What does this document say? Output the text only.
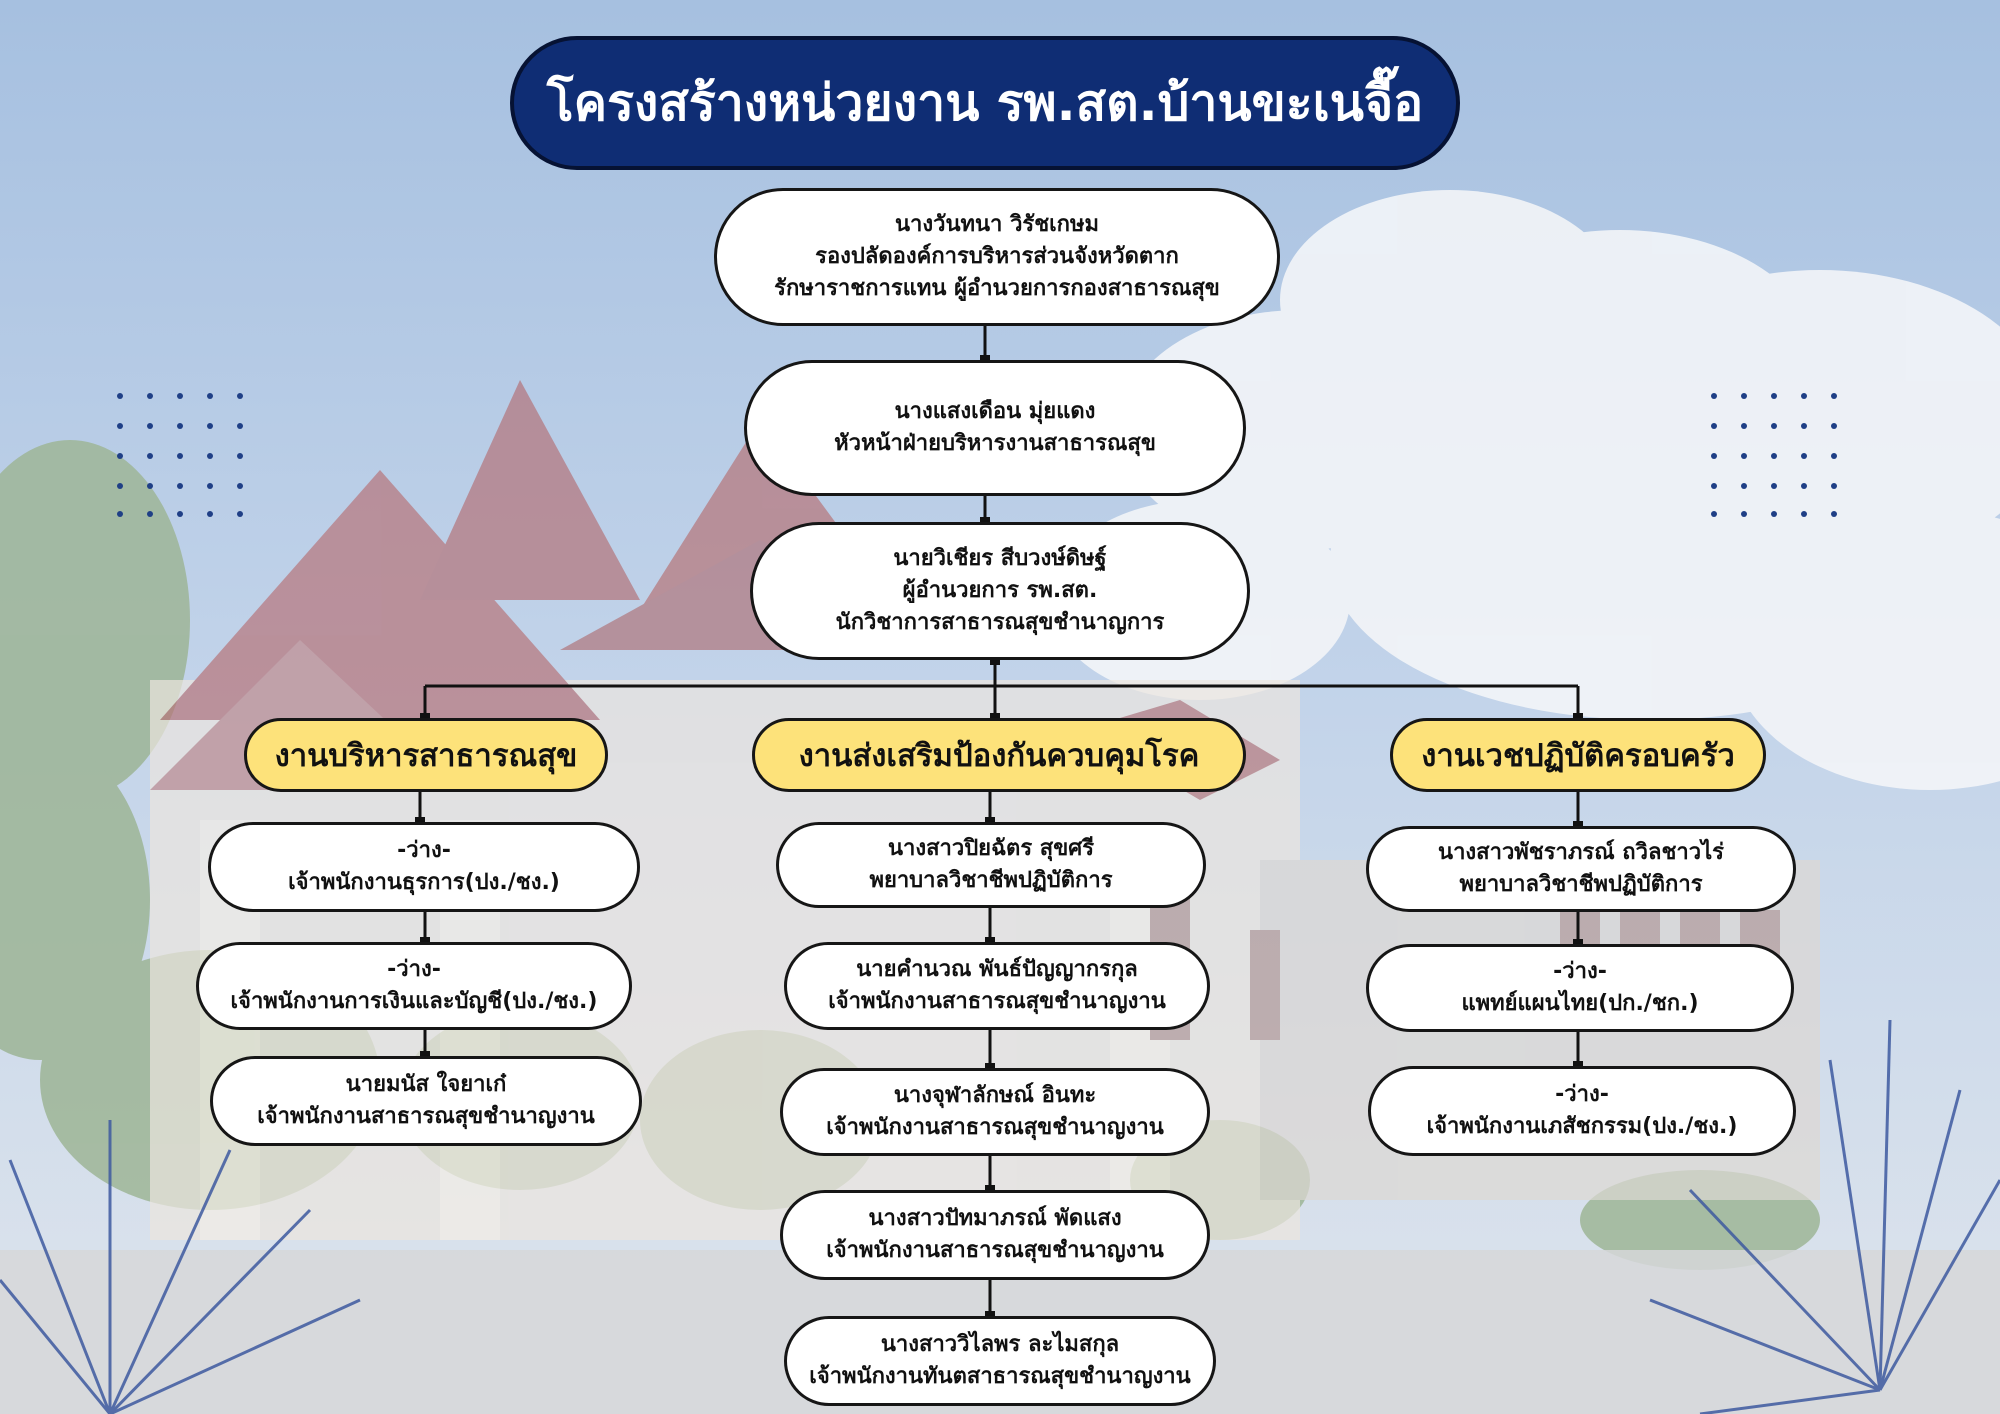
โครงสร้างหน่วยงาน รพ.สต.บ้านขะเนจื๊อ
นางวันทนา วิรัชเกษม
รองปลัดองค์การบริหารส่วนจังหวัดตาก
รักษาราชการแทน ผู้อำนวยการกองสาธารณสุข
นางแสงเดือน มุ่ยแดง
หัวหน้าฝ่ายบริหารงานสาธารณสุข
นายวิเชียร สีบวงษ์ดิษฐ์
ผู้อำนวยการ รพ.สต.
นักวิชาการสาธารณสุขชำนาญการ
งานบริหารสาธารณสุข	งานส่งเสริมป้องกันควบคุมโรค	งานเวชปฏิบัติครอบครัว
-ว่าง-
เจ้าพนักงานธุรการ(ปง./ชง.)
-ว่าง-
เจ้าพนักงานการเงินและบัญชี(ปง./ชง.)
นายมนัส ใจยาเก๋
เจ้าพนักงานสาธารณสุขชำนาญงาน
นางสาวปิยฉัตร สุขศรี
พยาบาลวิชาชีพปฏิบัติการ
นายคำนวณ พันธ์ปัญญากรกุล
เจ้าพนักงานสาธารณสุขชำนาญงาน
นางจุฬาลักษณ์ อินทะ
เจ้าพนักงานสาธารณสุขชำนาญงาน
นางสาวปัทมาภรณ์ พัดแสง
เจ้าพนักงานสาธารณสุขชำนาญงาน
นางสาววิไลพร ละไมสกุล
เจ้าพนักงานทันตสาธารณสุขชำนาญงาน
นางสาวพัชราภรณ์ ถวิลชาวไร่
พยาบาลวิชาชีพปฏิบัติการ
-ว่าง-
แพทย์แผนไทย(ปก./ชก.)
-ว่าง-
เจ้าพนักงานเภสัชกรรม(ปง./ชง.)
